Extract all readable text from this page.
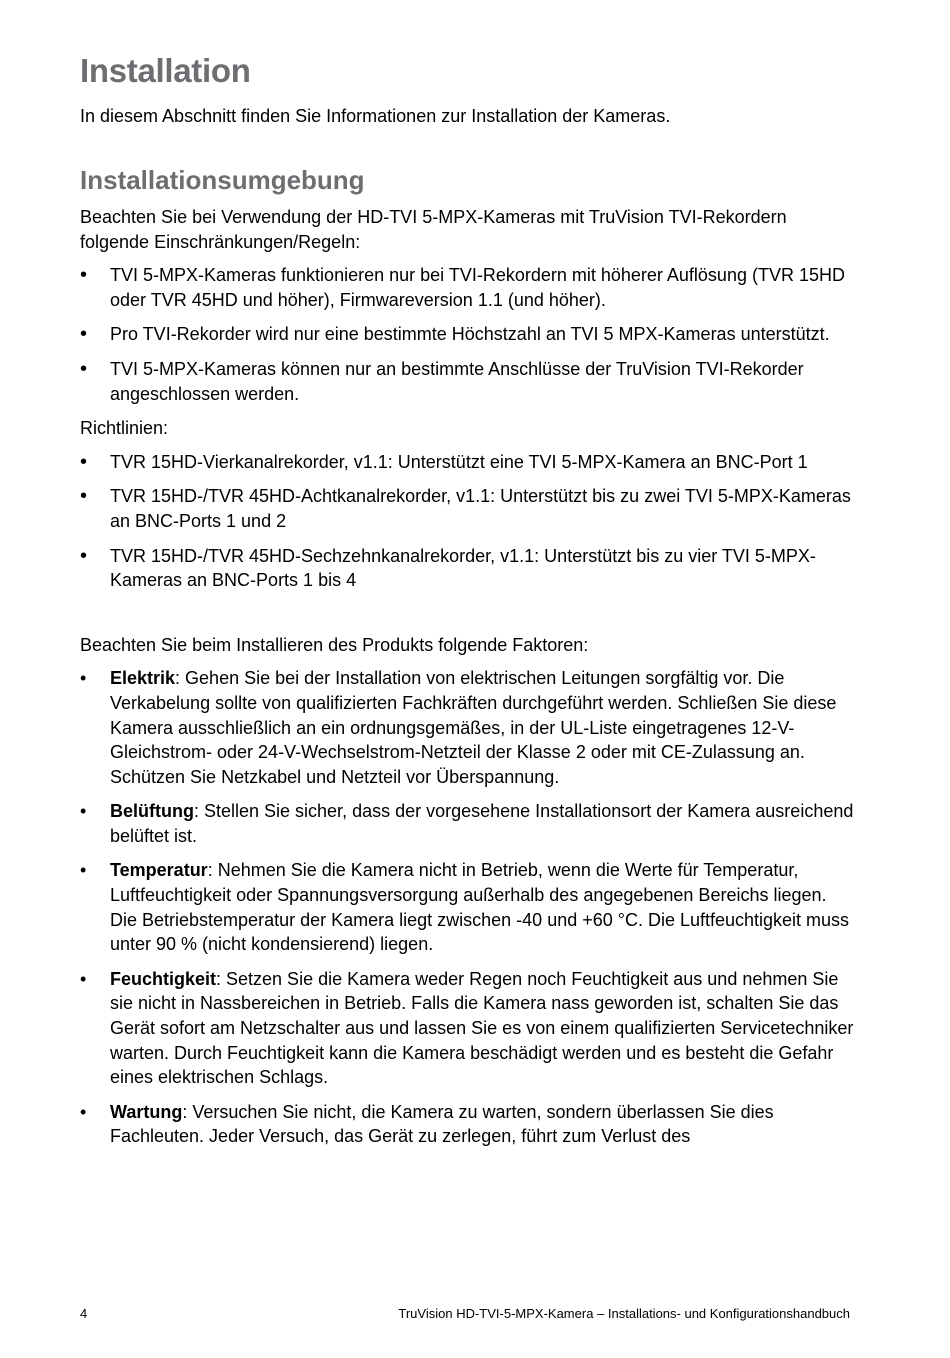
Installation

In diesem Abschnitt finden Sie Informationen zur Installation der Kameras.

Installationsumgebung

Beachten Sie bei Verwendung der HD-TVI 5-MPX-Kameras mit TruVision TVI-Rekordern folgende Einschränkungen/Regeln:

•	TVI 5-MPX-Kameras funktionieren nur bei TVI-Rekordern mit höherer Auflösung (TVR 15HD oder TVR 45HD und höher), Firmwareversion 1.1 (und höher).
•	Pro TVI-Rekorder wird nur eine bestimmte Höchstzahl an TVI 5 MPX-Kameras unterstützt.
•	TVI 5-MPX-Kameras können nur an bestimmte Anschlüsse der TruVision TVI-Rekorder angeschlossen werden.

Richtlinien:

•	TVR 15HD-Vierkanalrekorder, v1.1: Unterstützt eine TVI 5-MPX-Kamera an BNC-Port 1
•	TVR 15HD-/TVR 45HD-Achtkanalrekorder, v1.1: Unterstützt bis zu zwei TVI 5-MPX-Kameras an BNC-Ports 1 und 2
•	TVR 15HD-/TVR 45HD-Sechzehnkanalrekorder, v1.1: Unterstützt bis zu vier TVI 5-MPX-Kameras an BNC-Ports 1 bis 4

Beachten Sie beim Installieren des Produkts folgende Faktoren:

•	Elektrik: Gehen Sie bei der Installation von elektrischen Leitungen sorgfältig vor. Die Verkabelung sollte von qualifizierten Fachkräften durchgeführt werden. Schließen Sie diese Kamera ausschließlich an ein ordnungsgemäßes, in der UL-Liste eingetragenes 12-V-Gleichstrom- oder 24-V-Wechselstrom-Netzteil der Klasse 2 oder mit CE-Zulassung an. Schützen Sie Netzkabel und Netzteil vor Überspannung.
•	Belüftung: Stellen Sie sicher, dass der vorgesehene Installationsort der Kamera ausreichend belüftet ist.
•	Temperatur: Nehmen Sie die Kamera nicht in Betrieb, wenn die Werte für Temperatur, Luftfeuchtigkeit oder Spannungsversorgung außerhalb des angegebenen Bereichs liegen. Die Betriebstemperatur der Kamera liegt zwischen -40 und +60 °C. Die Luftfeuchtigkeit muss unter 90 % (nicht kondensierend) liegen.
•	Feuchtigkeit: Setzen Sie die Kamera weder Regen noch Feuchtigkeit aus und nehmen Sie sie nicht in Nassbereichen in Betrieb. Falls die Kamera nass geworden ist, schalten Sie das Gerät sofort am Netzschalter aus und lassen Sie es von einem qualifizierten Servicetechniker warten. Durch Feuchtigkeit kann die Kamera beschädigt werden und es besteht die Gefahr eines elektrischen Schlags.
•	Wartung: Versuchen Sie nicht, die Kamera zu warten, sondern überlassen Sie dies Fachleuten. Jeder Versuch, das Gerät zu zerlegen, führt zum Verlust des
4	TruVision HD-TVI-5-MPX-Kamera – Installations- und Konfigurationshandbuch
